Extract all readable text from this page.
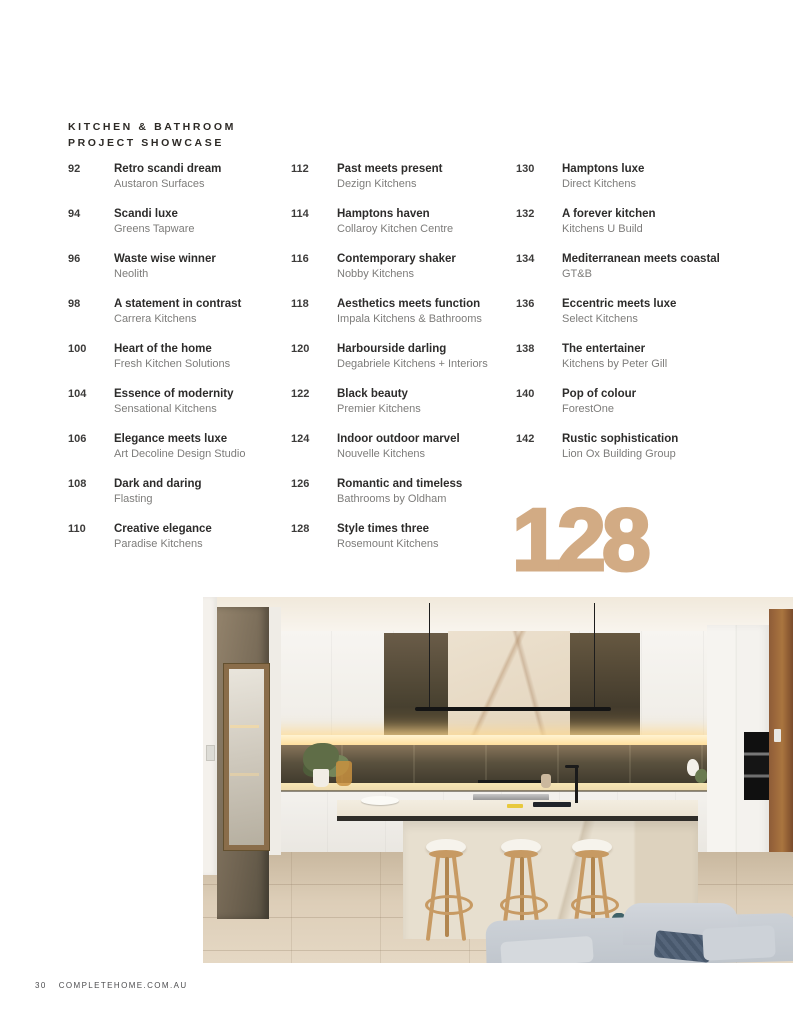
KITCHEN & BATHROOM
PROJECT SHOWCASE
92	Retro scandi dream
Austaron Surfaces
94	Scandi luxe
Greens Tapware
96	Waste wise winner
Neolith
98	A statement in contrast
Carrera Kitchens
100	Heart of the home
Fresh Kitchen Solutions
104	Essence of modernity
Sensational Kitchens
106	Elegance meets luxe
Art Decoline Design Studio
108	Dark and daring
Flasting
110	Creative elegance
Paradise Kitchens
112	Past meets present
Dezign Kitchens
114	Hamptons haven
Collaroy Kitchen Centre
116	Contemporary shaker
Nobby Kitchens
118	Aesthetics meets function
Impala Kitchens & Bathrooms
120	Harbourside darling
Degabriele Kitchens + Interiors
122	Black beauty
Premier Kitchens
124	Indoor outdoor marvel
Nouvelle Kitchens
126	Romantic and timeless
Bathrooms by Oldham
128	Style times three
Rosemount Kitchens
130	Hamptons luxe
Direct Kitchens
132	A forever kitchen
Kitchens U Build
134	Mediterranean meets coastal
GT&B
136	Eccentric meets luxe
Select Kitchens
138	The entertainer
Kitchens by Peter Gill
140	Pop of colour
ForestOne
142	Rustic sophistication
Lion Ox Building Group
128
30 COMPLETEHOME.COM.AU
